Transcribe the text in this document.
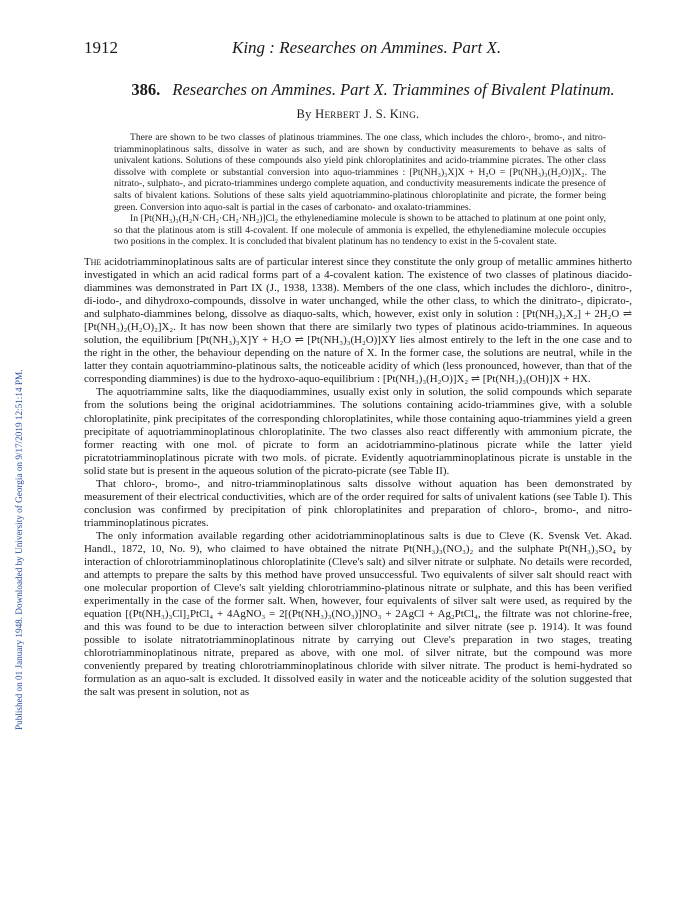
Published on 01 January 1948. Downloaded by University of Georgia on 9/17/2019 12:51:14 PM.
1912	King : Researches on Ammines. Part X.
386. Researches on Ammines. Part X. Triammines of Bivalent Platinum.
By Herbert J. S. King.

There are shown to be two classes of platinous triammines. The one class, which includes the chloro-, bromo-, and nitro-triamminoplatinous salts, dissolve in water as such, and are shown by conductivity measurements to behave as salts of univalent kations. Solutions of these compounds also yield pink chloroplatinites and acido-triammine picrates. The other class dissolve with complete or substantial conversion into aquo-triammines : [Pt(NH₃)₃X]X + H₂O = [Pt(NH₃)₃(H₂O)]X₂. The nitrato-, sulphato-, and picrato-triammines undergo complete aquation, and conductivity measurements indicate the presence of salts of bivalent kations. Solutions of these salts yield aquotriammino-platinous chloroplatinite and picrate, the former being green. Conversion into aquo-salt is partial in the cases of carbonato- and oxalato-triammines.

In [Pt(NH₃)₃(H₂N·CH₂·CH₂·NH₂)]Cl₂ the ethylenediamine molecule is shown to be attached to platinum at one point only, so that the platinous atom is still 4-covalent. If one molecule of ammonia is expelled, the ethylenediamine molecule occupies two positions in the complex. It is concluded that bivalent platinum has no tendency to exist in the 5-covalent state.

The acidotriamminoplatinous salts are of particular interest since they constitute the only group of metallic ammines hitherto investigated in which an acid radical forms part of a 4-covalent kation. The existence of two classes of platinous diacido-diammines was demonstrated in Part IX (J., 1938, 1338). Members of the one class, which includes the dichloro-, dinitro-, di-iodo-, and dihydroxo-compounds, dissolve in water unchanged, while the other class, to which the dinitrato-, dipicrato-, and sulphato-diammines belong, dissolve as diaquo-salts, which, however, exist only in solution : [Pt(NH₃)₂X₂] + 2H₂O ⇌ [Pt(NH₃)₂(H₂O)₂]X₂. It has now been shown that there are similarly two types of platinous acido-triammines. In aqueous solution, the equilibrium [Pt(NH₃)₃X]Y + H₂O ⇌ [Pt(NH₃)₃(H₂O)]XY lies almost entirely to the left in the one case and to the right in the other, the behaviour depending on the nature of X. In the former case, the solutions are neutral, while in the latter they contain aquotriammino-platinous salts, the noticeable acidity of which (less pronounced, however, than that of the corresponding diammines) is due to the hydroxo-aquo-equilibrium : [Pt(NH₃)₃(H₂O)]X₂ ⇌ [Pt(NH₃)₃(OH)]X + HX.

The aquotriammine salts, like the diaquodiammines, usually exist only in solution, the solid compounds which separate from the solutions being the original acidotriammines. The solutions containing acido-triammines give, with a soluble chloroplatinite, pink precipitates of the corresponding chloroplatinites, while those containing aquo-triammines yield a green precipitate of aquotriamminoplatinous chloroplatinite. The two classes also react differently with ammonium picrate, the former reacting with one mol. of picrate to form an acidotriammino-platinous picrate while the latter yield picratotriamminoplatinous picrate with two mols. of picrate. Evidently aquotriamminoplatinous picrate is unstable in the solid state but is present in the aqueous solution of the picrato-picrate (see Table II).

That chloro-, bromo-, and nitro-triamminoplatinous salts dissolve without aquation has been demonstrated by measurement of their electrical conductivities, which are of the order required for salts of univalent kations (see Table I). This conclusion was confirmed by precipitation of pink chloroplatinites and preparation of chloro-, bromo-, and nitro-triamminoplatinous picrates.

The only information available regarding other acidotriamminoplatinous salts is due to Cleve (K. Svensk Vet. Akad. Handl., 1872, 10, No. 9), who claimed to have obtained the nitrate Pt(NH₃)₃(NO₃)₂ and the sulphate Pt(NH₃)₃SO₄ by interaction of chlorotriamminoplatinous chloroplatinite (Cleve's salt) and silver nitrate or sulphate. No details were recorded, and attempts to prepare the salts by this method have proved unsuccessful. Two equivalents of silver salt should react with one molecular proportion of Cleve's salt yielding chlorotriammino-platinous nitrate or sulphate, and this has been verified experimentally in the case of the former salt. When, however, four equivalents of silver salt were used, as required by the equation [(Pt(NH₃)₃Cl]₂PtCl₄ + 4AgNO₃ = 2[(Pt(NH₃)₃(NO₃)]NO₃ + 2AgCl + Ag₂PtCl₄, the filtrate was not chlorine-free, and this was found to be due to interaction between silver chloroplatinite and silver nitrate (see p. 1914). It was found possible to isolate nitratotriamminoplatinous nitrate by carrying out Cleve's preparation in two stages, treating chlorotriamminoplatinous nitrate, prepared as above, with one mol. of silver nitrate, but the compound was more conveniently prepared by treating chlorotriamminoplatinous chloride with silver nitrate. The product is hemi-hydrated so formulation as an aquo-salt is excluded. It dissolved easily in water and the noticeable acidity of the solution suggested that the salt was present in solution, not as
